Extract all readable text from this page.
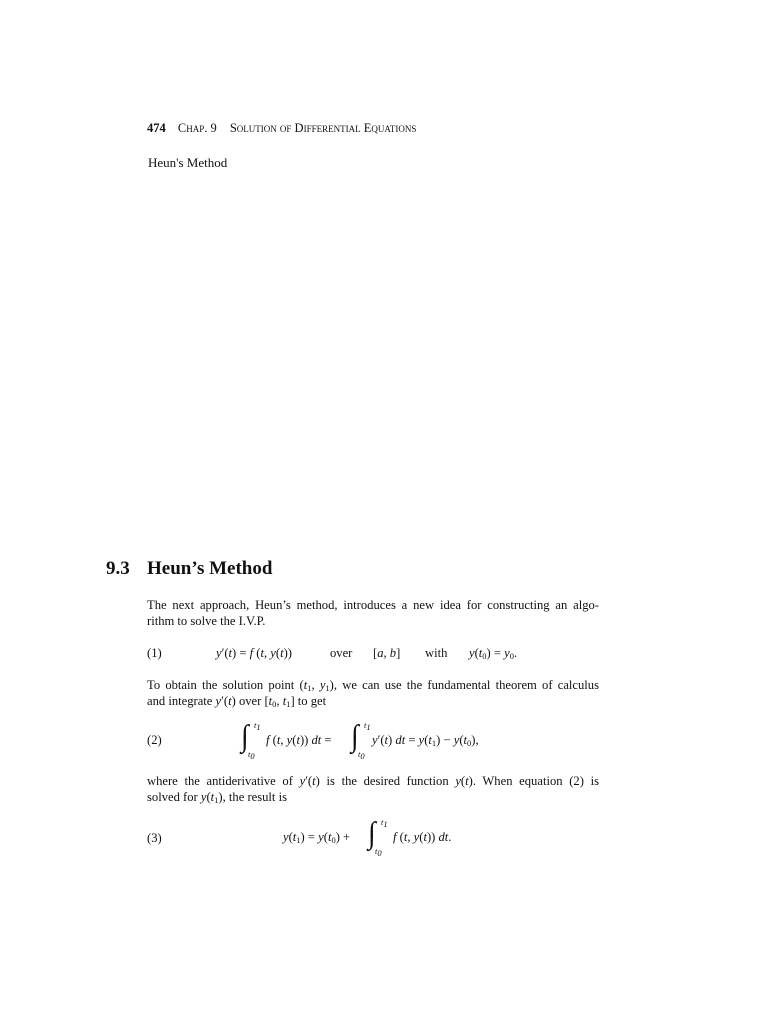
474 Chap. 9 Solution of Differential Equations
Heun's Method
9.3 Heun’s Method
The next approach, Heun’s method, introduces a new idea for constructing an algo-
rithm to solve the I.V.P.
(1)	y′(t) = f (t, y(t))	over [a, b] with $y(t_0) = y_0$.
To obtain the solution point ($t_1$, $y_1$), we can use the fundamental theorem of calculus
and integrate y′(t) over [$t_0$, $t_1$] to get
(2)	∫ $t_1$
$t_0$
f (t, y(t)) dt = ∫ $t_1$
$t_0$
y′(t) dt = $y(t_1) - y(t_0)$,
where the antiderivative of y′(t) is the desired function y(t). When equation (2) is
solved for $y(t_1)$, the result is
(3)	$y(t_1) = y(t_0)$ + ∫ $t_1$
$t_0$
f (t, y(t)) dt.
